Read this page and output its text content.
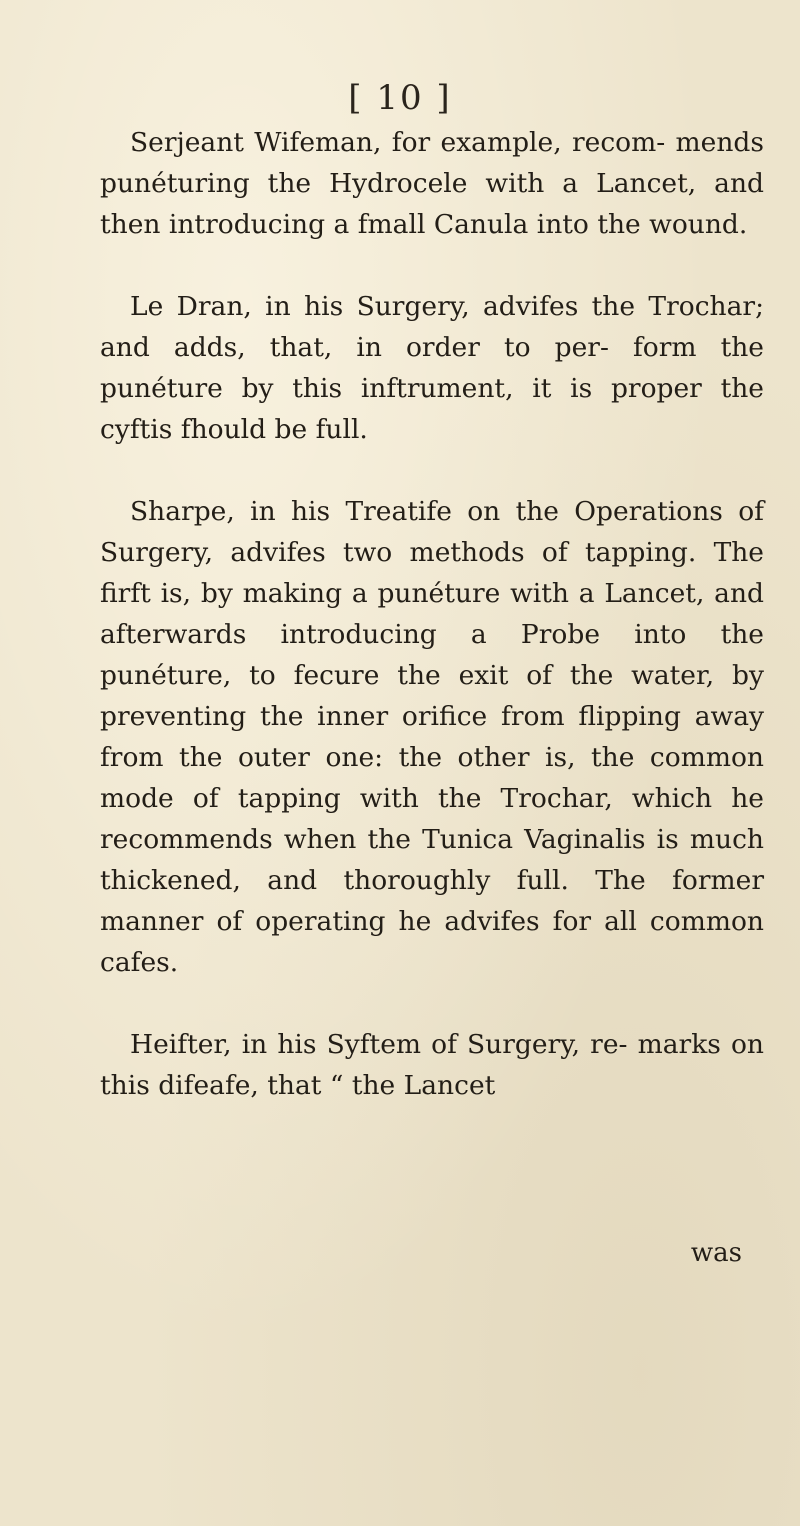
[ 10 ]

Serjeant Wifeman, for example, recom- mends punéturing the Hydrocele with a Lancet, and then introducing a fmall Canula into the wound.

Le Dran, in his Surgery, advifes the Trochar; and adds, that, in order to per- form the punéture by this inftrument, it is proper the cyftis fhould be full.

Sharpe, in his Treatife on the Operations of Surgery, advifes two methods of tapping. The firft is, by making a punéture with a Lancet, and afterwards introducing a Probe into the punéture, to fecure the exit of the water, by preventing the inner orifice from flipping away from the outer one: the other is, the common mode of tapping with the Trochar, which he recommends when the Tunica Vaginalis is much thickened, and thoroughly full. The former manner of operating he advifes for all common cafes.

Heifter, in his Syftem of Surgery, re- marks on this difeafe, that “ the Lancet

was
